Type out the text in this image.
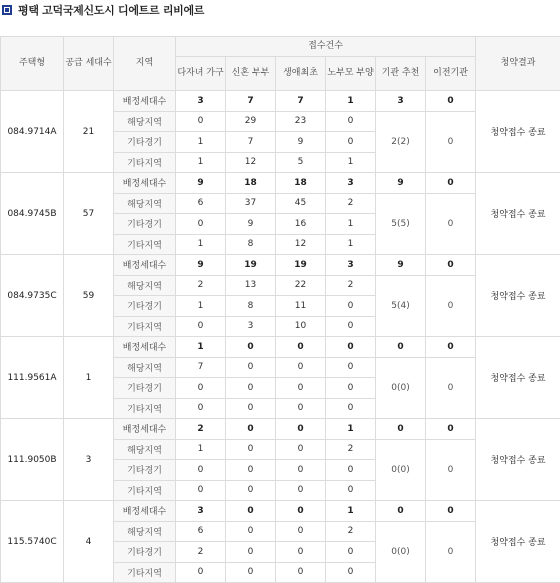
평택 고덕국제신도시 디에트르 리비에르
주택형	공급 세대수	지역	접수건수						청약결과
			다자녀 가구	신혼 부부	생애최초	노부모 부양	기관 추천	이전기관	
084.9714A	21	배정세대수	3	7	7	1	3	0	청약접수 종료
		해당지역	0	29	23	0	2(2)	0	
		기타경기	1	7	9	0			
		기타지역	1	12	5	1			
084.9745B	57	배정세대수	9	18	18	3	9	0	청약접수 종료
		해당지역	6	37	45	2	5(5)	0	
		기타경기	0	9	16	1			
		기타지역	1	8	12	1			
084.9735C	59	배정세대수	9	19	19	3	9	0	청약접수 종료
		해당지역	2	13	22	2	5(4)	0	
		기타경기	1	8	11	0			
		기타지역	0	3	10	0			
111.9561A	1	배정세대수	1	0	0	0	0	0	청약접수 종료
		해당지역	7	0	0	0	0(0)	0	
		기타경기	0	0	0	0			
		기타지역	0	0	0	0			
111.9050B	3	배정세대수	2	0	0	1	0	0	청약접수 종료
		해당지역	1	0	0	2	0(0)	0	
		기타경기	0	0	0	0			
		기타지역	0	0	0	0			
115.5740C	4	배정세대수	3	0	0	1	0	0	청약접수 종료
		해당지역	6	0	0	2	0(0)	0	
		기타경기	2	0	0	0			
		기타지역	0	0	0	0			
